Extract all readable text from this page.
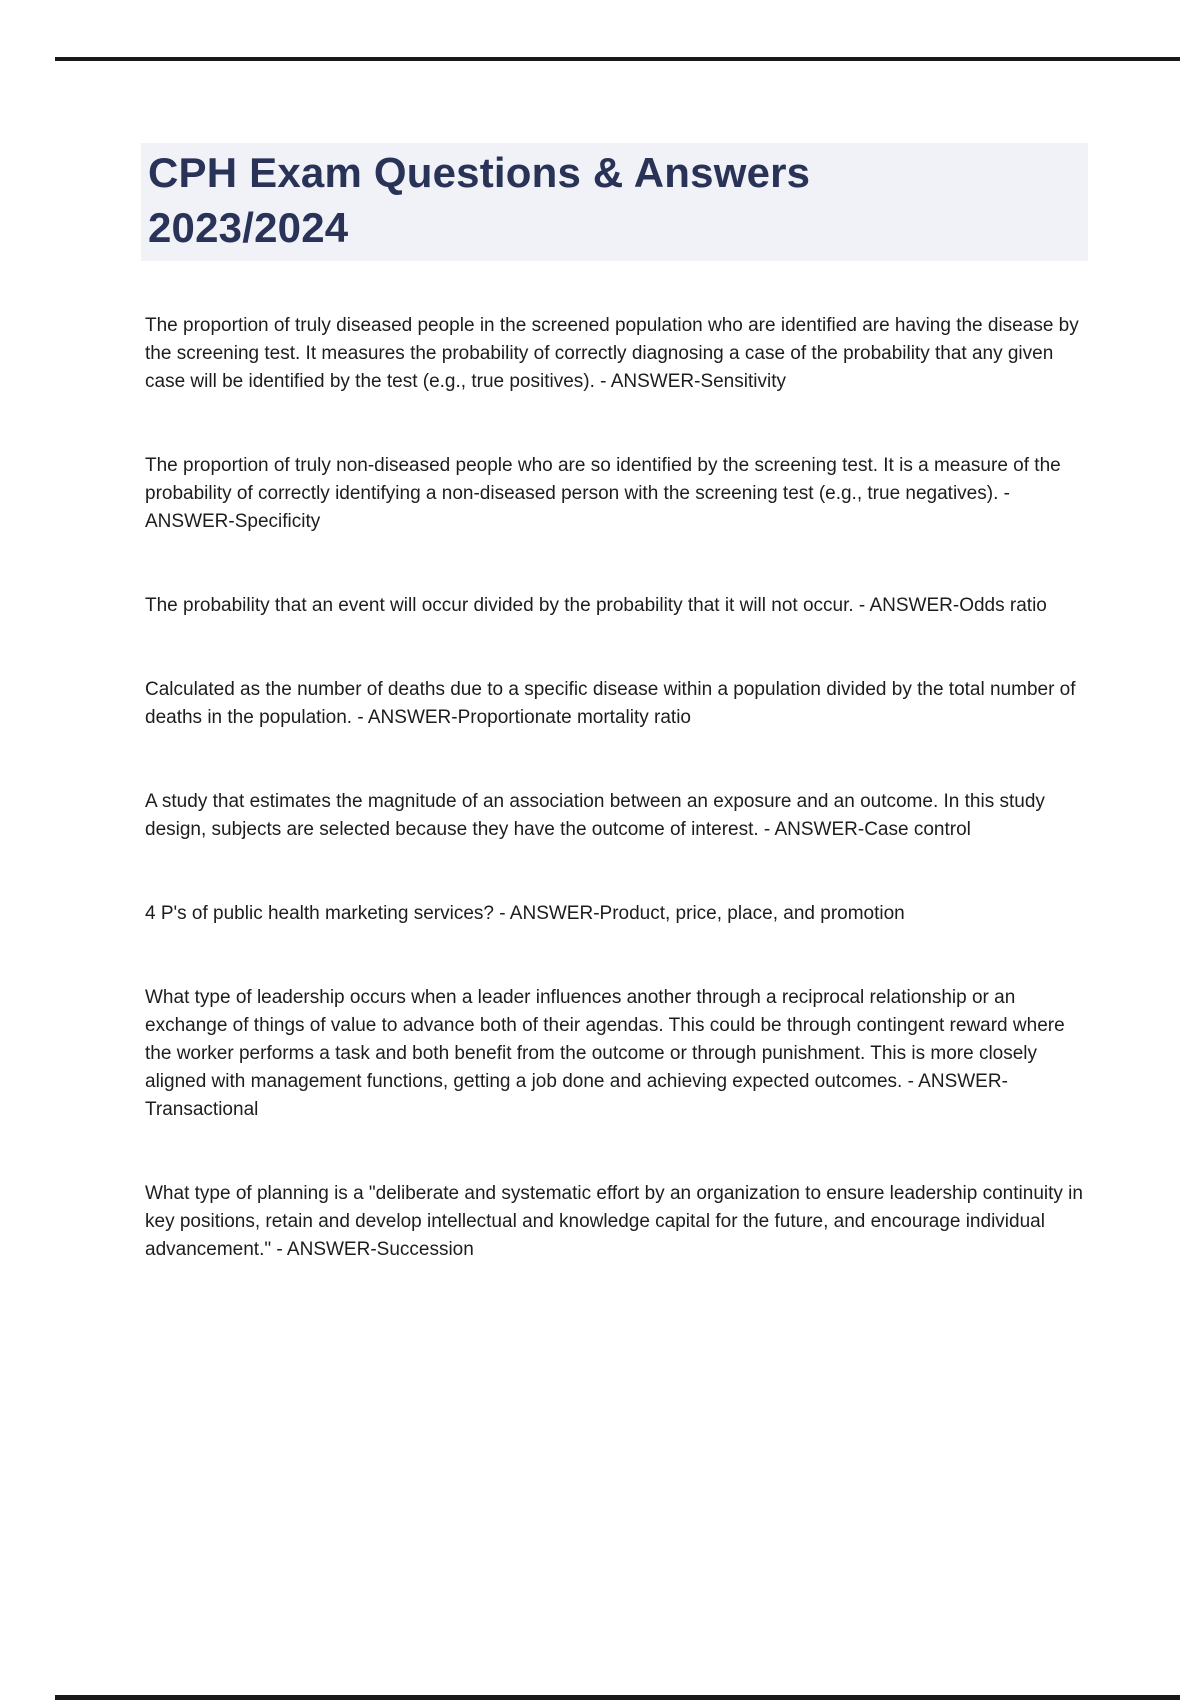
CPH Exam Questions & Answers
2023/2024

The proportion of truly diseased people in the screened population who are identified are having the disease by the screening test. It measures the probability of correctly diagnosing a case of the probability that any given case will be identified by the test (e.g., true positives). - ANSWER-Sensitivity

The proportion of truly non-diseased people who are so identified by the screening test. It is a measure of the probability of correctly identifying a non-diseased person with the screening test (e.g., true negatives). - ANSWER-Specificity

The probability that an event will occur divided by the probability that it will not occur. - ANSWER-Odds ratio

Calculated as the number of deaths due to a specific disease within a population divided by the total number of deaths in the population. - ANSWER-Proportionate mortality ratio

A study that estimates the magnitude of an association between an exposure and an outcome. In this study design, subjects are selected because they have the outcome of interest. - ANSWER-Case control

4 P's of public health marketing services? - ANSWER-Product, price, place, and promotion

What type of leadership occurs when a leader influences another through a reciprocal relationship or an exchange of things of value to advance both of their agendas. This could be through contingent reward where the worker performs a task and both benefit from the outcome or through punishment. This is more closely aligned with management functions, getting a job done and achieving expected outcomes. - ANSWER-Transactional

What type of planning is a "deliberate and systematic effort by an organization to ensure leadership continuity in key positions, retain and develop intellectual and knowledge capital for the future, and encourage individual advancement." - ANSWER-Succession
